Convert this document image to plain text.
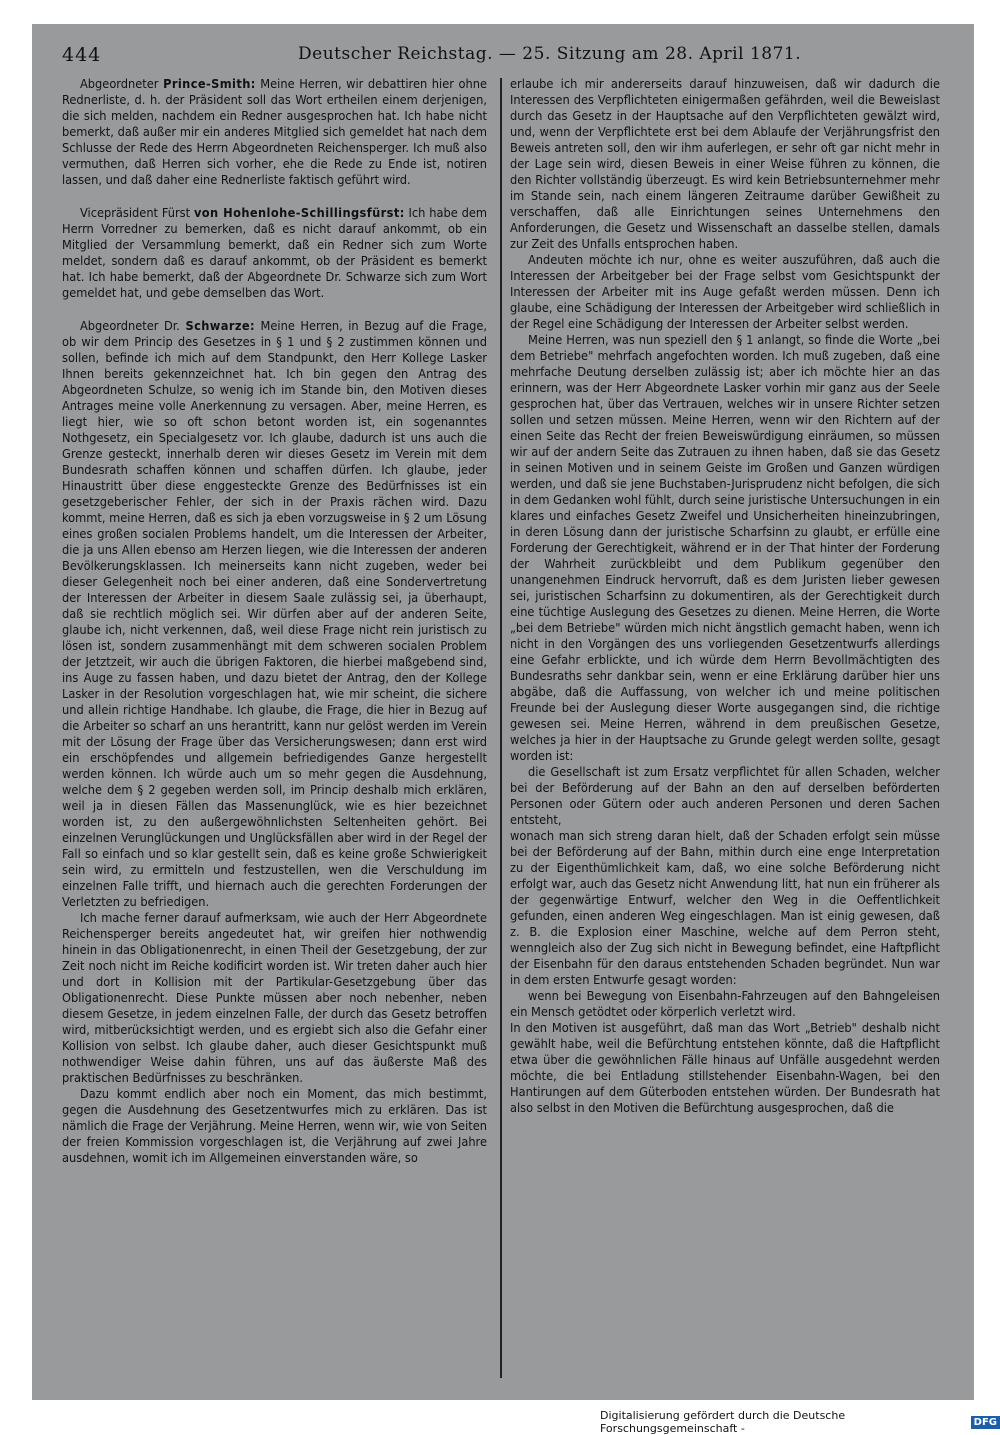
444	Deutscher Reichstag. — 25. Sitzung am 28. April 1871.

Abgeordneter Prince-Smith: Meine Herren, wir debattiren hier ohne Rednerliste, d. h. der Präsident soll das Wort ertheilen einem derjenigen, die sich melden, nachdem ein Redner ausgesprochen hat. Ich habe nicht bemerkt, daß außer mir ein anderes Mitglied sich gemeldet hat nach dem Schlusse der Rede des Herrn Abgeordneten Reichensperger. Ich muß also vermuthen, daß Herren sich vorher, ehe die Rede zu Ende ist, notiren lassen, und daß daher eine Rednerliste faktisch geführt wird.

Vicepräsident Fürst von Hohenlohe-Schillingsfürst: Ich habe dem Herrn Vorredner zu bemerken, daß es nicht darauf ankommt, ob ein Mitglied der Versammlung bemerkt, daß ein Redner sich zum Worte meldet, sondern daß es darauf ankommt, ob der Präsident es bemerkt hat. Ich habe bemerkt, daß der Abgeordnete Dr. Schwarze sich zum Wort gemeldet hat, und gebe demselben das Wort.

Abgeordneter Dr. Schwarze: Meine Herren, in Bezug auf die Frage, ob wir dem Princip des Gesetzes in § 1 und § 2 zustimmen können und sollen, befinde ich mich auf dem Standpunkt, den Herr Kollege Lasker Ihnen bereits gekennzeichnet hat. Ich bin gegen den Antrag des Abgeordneten Schulze, so wenig ich im Stande bin, den Motiven dieses Antrages meine volle Anerkennung zu versagen. Aber, meine Herren, es liegt hier, wie so oft schon betont worden ist, ein sogenanntes Nothgesetz, ein Specialgesetz vor. Ich glaube, dadurch ist uns auch die Grenze gesteckt, innerhalb deren wir dieses Gesetz im Verein mit dem Bundesrath schaffen können und schaffen dürfen. Ich glaube, jeder Hinaustritt über diese enggesteckte Grenze des Bedürfnisses ist ein gesetzgeberischer Fehler, der sich in der Praxis rächen wird. Dazu kommt, meine Herren, daß es sich ja eben vorzugsweise in § 2 um Lösung eines großen socialen Problems handelt, um die Interessen der Arbeiter, die ja uns Allen ebenso am Herzen liegen, wie die Interessen der anderen Bevölkerungsklassen. Ich meinerseits kann nicht zugeben, weder bei dieser Gelegenheit noch bei einer anderen, daß eine Sondervertretung der Interessen der Arbeiter in diesem Saale zulässig sei, ja überhaupt, daß sie rechtlich möglich sei. Wir dürfen aber auf der anderen Seite, glaube ich, nicht verkennen, daß, weil diese Frage nicht rein juristisch zu lösen ist, sondern zusammenhängt mit dem schweren socialen Problem der Jetztzeit, wir auch die übrigen Faktoren, die hierbei maßgebend sind, ins Auge zu fassen haben, und dazu bietet der Antrag, den der Kollege Lasker in der Resolution vorgeschlagen hat, wie mir scheint, die sichere und allein richtige Handhabe. Ich glaube, die Frage, die hier in Bezug auf die Arbeiter so scharf an uns herantritt, kann nur gelöst werden im Verein mit der Lösung der Frage über das Versicherungswesen; dann erst wird ein erschöpfendes und allgemein befriedigendes Ganze hergestellt werden können. Ich würde auch um so mehr gegen die Ausdehnung, welche dem § 2 gegeben werden soll, im Princip deshalb mich erklären, weil ja in diesen Fällen das Massenunglück, wie es hier bezeichnet worden ist, zu den außergewöhnlichsten Seltenheiten gehört. Bei einzelnen Verunglückungen und Unglücksfällen aber wird in der Regel der Fall so einfach und so klar gestellt sein, daß es keine große Schwierigkeit sein wird, zu ermitteln und festzustellen, wen die Verschuldung im einzelnen Falle trifft, und hiernach auch die gerechten Forderungen der Verletzten zu befriedigen.

Ich mache ferner darauf aufmerksam, wie auch der Herr Abgeordnete Reichensperger bereits angedeutet hat, wir greifen hier nothwendig hinein in das Obligationenrecht, in einen Theil der Gesetzgebung, der zur Zeit noch nicht im Reiche kodificirt worden ist. Wir treten daher auch hier und dort in Kollision mit der Partikular-Gesetzgebung über das Obligationenrecht. Diese Punkte müssen aber noch nebenher, neben diesem Gesetze, in jedem einzelnen Falle, der durch das Gesetz betroffen wird, mitberücksichtigt werden, und es ergiebt sich also die Gefahr einer Kollision von selbst. Ich glaube daher, auch dieser Gesichtspunkt muß nothwendiger Weise dahin führen, uns auf das äußerste Maß des praktischen Bedürfnisses zu beschränken.

Dazu kommt endlich aber noch ein Moment, das mich bestimmt, gegen die Ausdehnung des Gesetzentwurfes mich zu erklären. Das ist nämlich die Frage der Verjährung. Meine Herren, wenn wir, wie von Seiten der freien Kommission vorgeschlagen ist, die Verjährung auf zwei Jahre ausdehnen, womit ich im Allgemeinen einverstanden wäre, so

erlaube ich mir andererseits darauf hinzuweisen, daß wir dadurch die Interessen des Verpflichteten einigermaßen gefährden, weil die Beweislast durch das Gesetz in der Hauptsache auf den Verpflichteten gewälzt wird, und, wenn der Verpflichtete erst bei dem Ablaufe der Verjährungsfrist den Beweis antreten soll, den wir ihm auferlegen, er sehr oft gar nicht mehr in der Lage sein wird, diesen Beweis in einer Weise führen zu können, die den Richter vollständig überzeugt. Es wird kein Betriebsunternehmer mehr im Stande sein, nach einem längeren Zeitraume darüber Gewißheit zu verschaffen, daß alle Einrichtungen seines Unternehmens den Anforderungen, die Gesetz und Wissenschaft an dasselbe stellen, damals zur Zeit des Unfalls entsprochen haben.

Andeuten möchte ich nur, ohne es weiter auszuführen, daß auch die Interessen der Arbeitgeber bei der Frage selbst vom Gesichtspunkt der Interessen der Arbeiter mit ins Auge gefaßt werden müssen. Denn ich glaube, eine Schädigung der Interessen der Arbeitgeber wird schließlich in der Regel eine Schädigung der Interessen der Arbeiter selbst werden.

Meine Herren, was nun speziell den § 1 anlangt, so finde die Worte „bei dem Betriebe" mehrfach angefochten worden. Ich muß zugeben, daß eine mehrfache Deutung derselben zulässig ist; aber ich möchte hier an das erinnern, was der Herr Abgeordnete Lasker vorhin mir ganz aus der Seele gesprochen hat, über das Vertrauen, welches wir in unsere Richter setzen sollen und setzen müssen. Meine Herren, wenn wir den Richtern auf der einen Seite das Recht der freien Beweiswürdigung einräumen, so müssen wir auf der andern Seite das Zutrauen zu ihnen haben, daß sie das Gesetz in seinen Motiven und in seinem Geiste im Großen und Ganzen würdigen werden, und daß sie jene Buchstaben-Jurisprudenz nicht befolgen, die sich in dem Gedanken wohl fühlt, durch seine juristische Untersuchungen in ein klares und einfaches Gesetz Zweifel und Unsicherheiten hineinzubringen, in deren Lösung dann der juristische Scharfsinn zu glaubt, er erfülle eine Forderung der Gerechtigkeit, während er in der That hinter der Forderung der Wahrheit zurückbleibt und dem Publikum gegenüber den unangenehmen Eindruck hervorruft, daß es dem Juristen lieber gewesen sei, juristischen Scharfsinn zu dokumentiren, als der Gerechtigkeit durch eine tüchtige Auslegung des Gesetzes zu dienen. Meine Herren, die Worte „bei dem Betriebe" würden mich nicht ängstlich gemacht haben, wenn ich nicht in den Vorgängen des uns vorliegenden Gesetzentwurfs allerdings eine Gefahr erblickte, und ich würde dem Herrn Bevollmächtigten des Bundesraths sehr dankbar sein, wenn er eine Erklärung darüber hier uns abgäbe, daß die Auffassung, von welcher ich und meine politischen Freunde bei der Auslegung dieser Worte ausgegangen sind, die richtige gewesen sei. Meine Herren, während in dem preußischen Gesetze, welches ja hier in der Hauptsache zu Grunde gelegt werden sollte, gesagt worden ist:

die Gesellschaft ist zum Ersatz verpflichtet für allen Schaden, welcher bei der Beförderung auf der Bahn an den auf derselben beförderten Personen oder Gütern oder auch anderen Personen und deren Sachen entsteht,

wonach man sich streng daran hielt, daß der Schaden erfolgt sein müsse bei der Beförderung auf der Bahn, mithin durch eine enge Interpretation zu der Eigenthümlichkeit kam, daß, wo eine solche Beförderung nicht erfolgt war, auch das Gesetz nicht Anwendung litt, hat nun ein früherer als der gegenwärtige Entwurf, welcher den Weg in die Oeffentlichkeit gefunden, einen anderen Weg eingeschlagen. Man ist einig gewesen, daß z. B. die Explosion einer Maschine, welche auf dem Perron steht, wenngleich also der Zug sich nicht in Bewegung befindet, eine Haftpflicht der Eisenbahn für den daraus entstehenden Schaden begründet. Nun war in dem ersten Entwurfe gesagt worden:

wenn bei Bewegung von Eisenbahn-Fahrzeugen auf den Bahngeleisen ein Mensch getödtet oder körperlich verletzt wird.

In den Motiven ist ausgeführt, daß man das Wort „Betrieb" deshalb nicht gewählt habe, weil die Befürchtung entstehen könnte, daß die Haftpflicht etwa über die gewöhnlichen Fälle hinaus auf Unfälle ausgedehnt werden möchte, die bei Entladung stillstehender Eisenbahn-Wagen, bei den Hantirungen auf dem Güterboden entstehen würden. Der Bundesrath hat also selbst in den Motiven die Befürchtung ausgesprochen, daß die

Digitalisierung gefördert durch die Deutsche Forschungsgemeinschaft -	DFG
